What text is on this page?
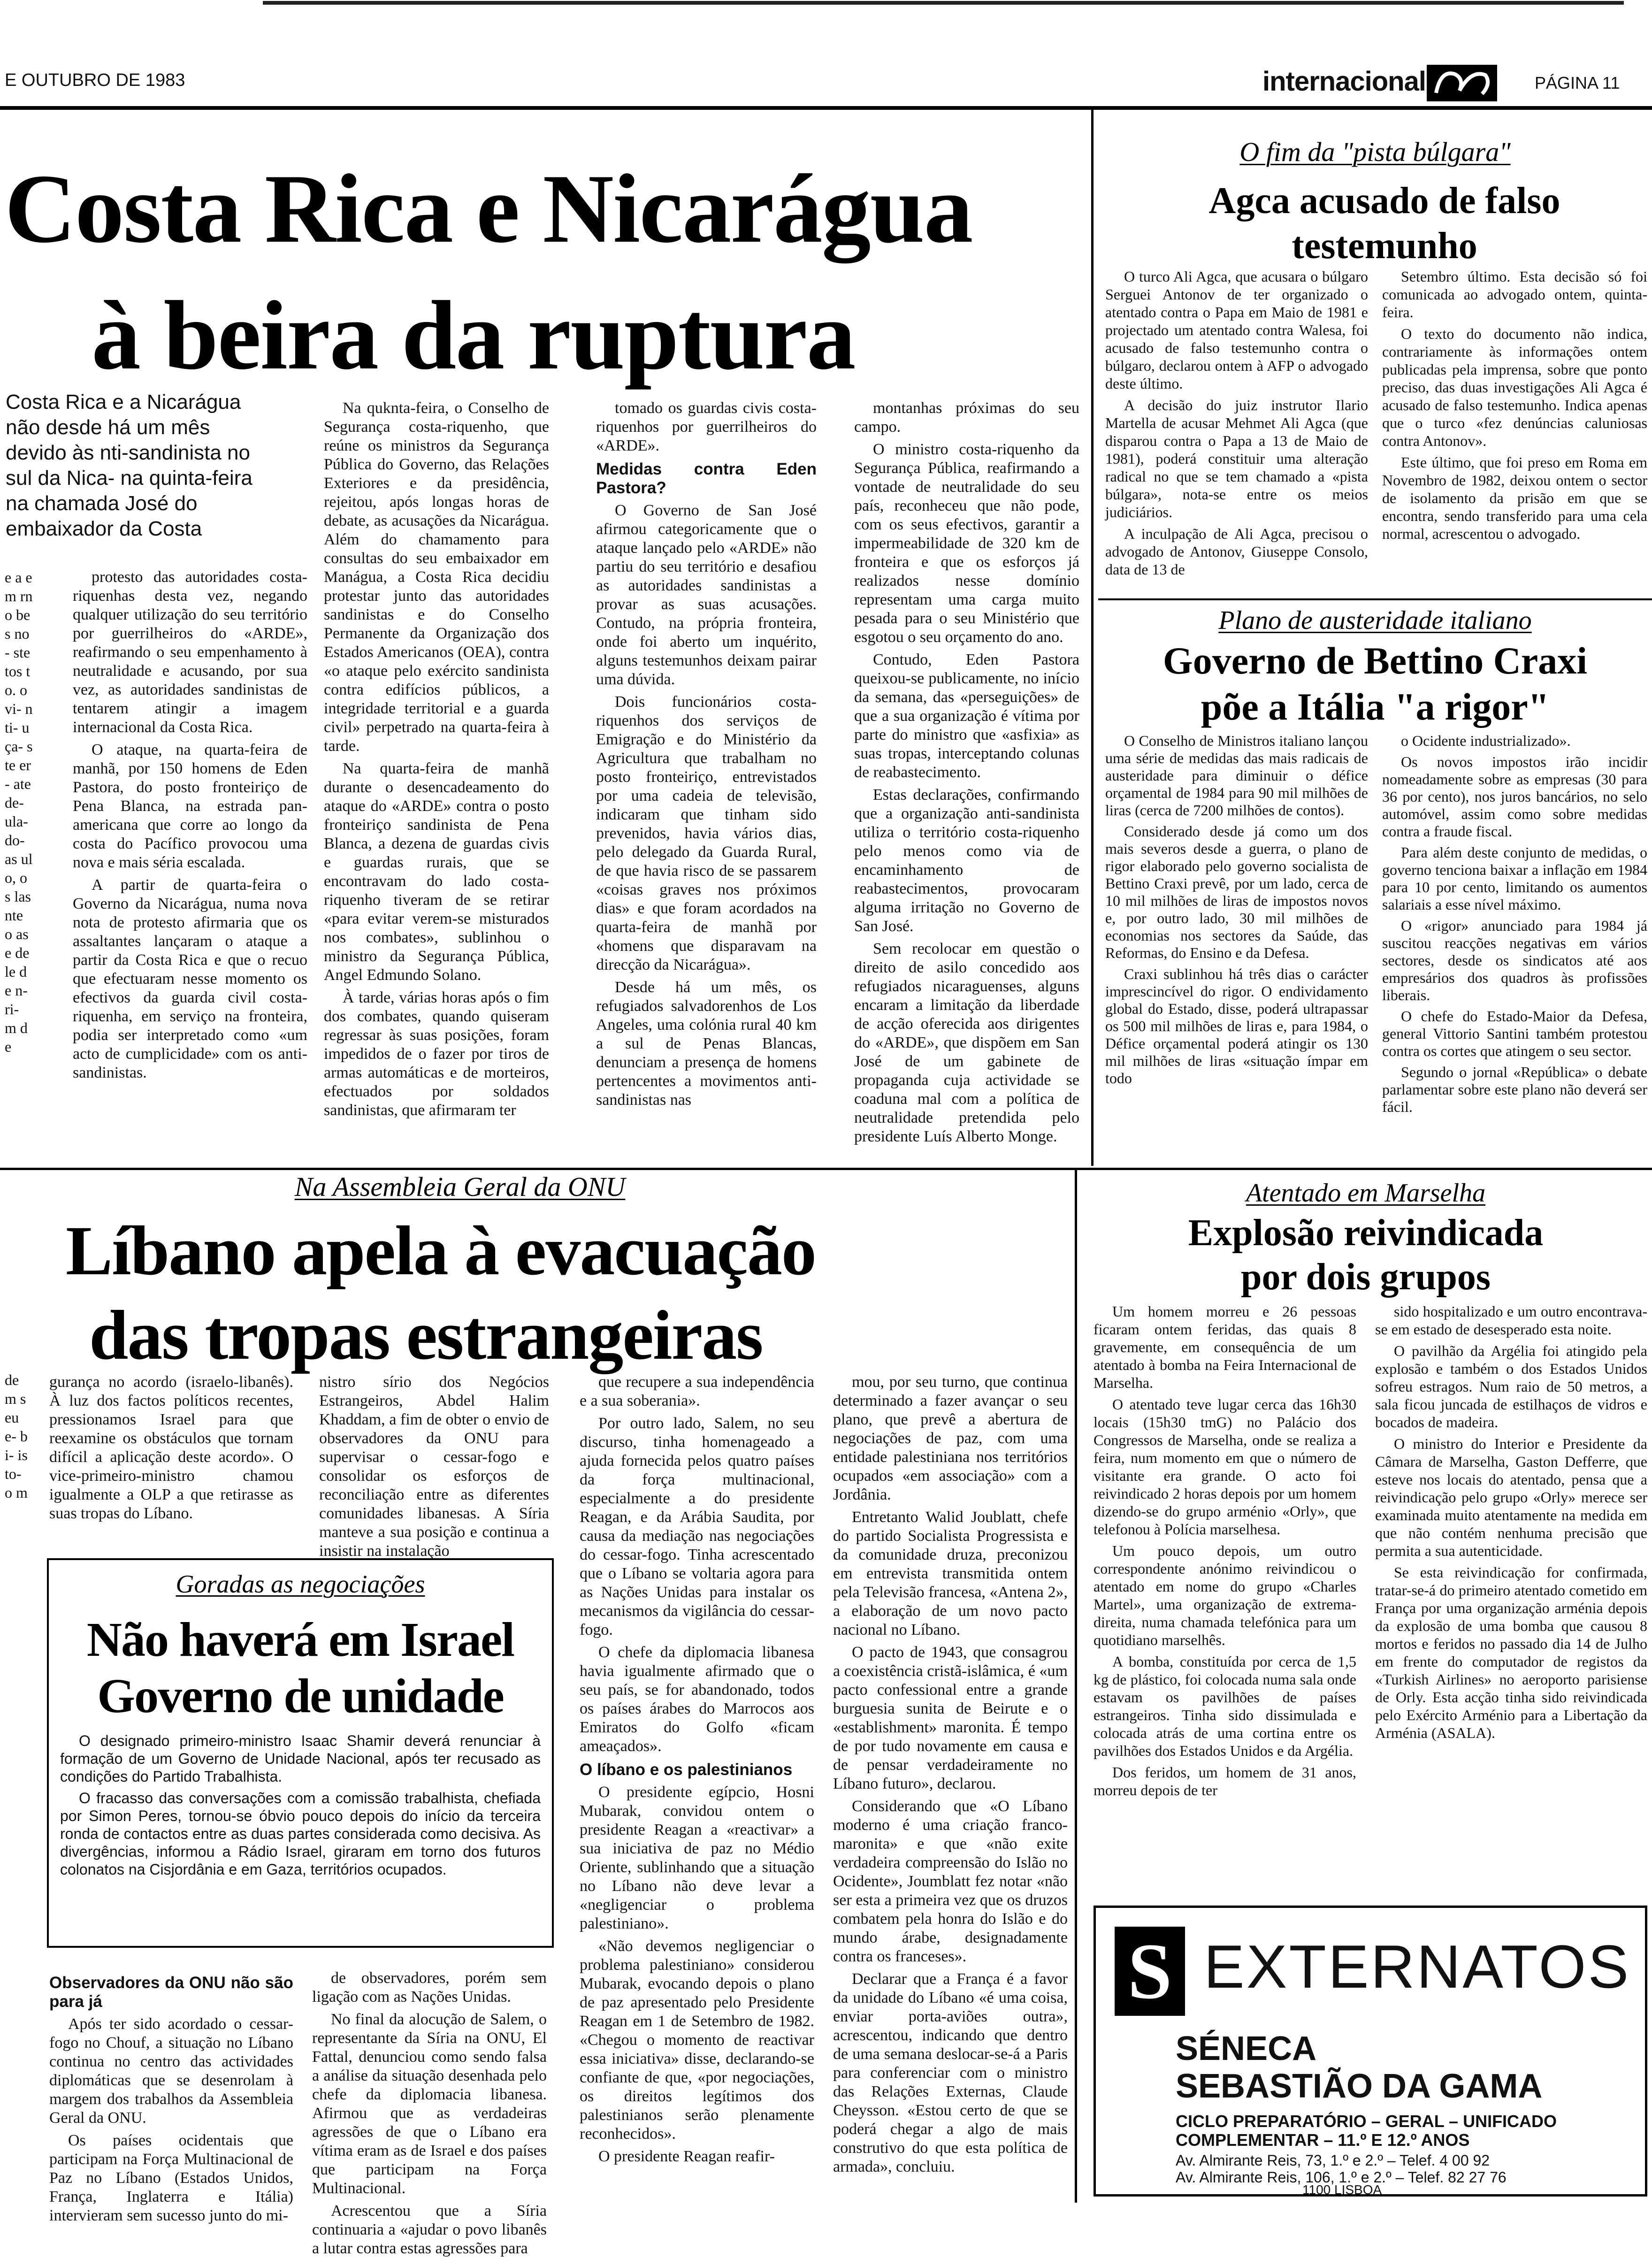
E OUTUBRO DE 1983	internacional	PÁGINA 11
Costa Rica e Nicarágua
à beira da ruptura
Costa Rica e a Nicarágua não desde há um mês devido às nti-sandinista no sul da Nica- na quinta-feira na chamada José do embaixador da Costa
e a em rno bes no- ste tos to. o vi- nti- uça- ste er- ate de- ula- do- as ulo, os las nte o as e de le de n- ri- m de

protesto das autoridades costa-riquenhas desta vez, negando qualquer utilização do seu território por guerrilheiros do «ARDE», reafirmando o seu empenhamento à neutralidade e acusando, por sua vez, as autoridades sandinistas de tentarem atingir a imagem internacional da Costa Rica.

O ataque, na quarta-feira de manhã, por 150 homens de Eden Pastora, do posto fronteiriço de Pena Blanca, na estrada pan-americana que corre ao longo da costa do Pacífico provocou uma nova e mais séria escalada.

A partir de quarta-feira o Governo da Nicarágua, numa nova nota de protesto afirmaria que os assaltantes lançaram o ataque a partir da Costa Rica e que o recuo que efectuaram nesse momento os efectivos da guarda civil costa-riquenha, em serviço na fronteira, podia ser interpretado como «um acto de cumplicidade» com os anti-sandinistas.

Na quknta-feira, o Conselho de Segurança costa-riquenho, que reúne os ministros da Segurança Pública do Governo, das Relações Exteriores e da presidência, rejeitou, após longas horas de debate, as acusações da Nicarágua. Além do chamamento para consultas do seu embaixador em Manágua, a Costa Rica decidiu protestar junto das autoridades sandinistas e do Conselho Permanente da Organização dos Estados Americanos (OEA), contra «o ataque pelo exército sandinista contra edifícios públicos, a integridade territorial e a guarda civil» perpetrado na quarta-feira à tarde.

Na quarta-feira de manhã durante o desencadeamento do ataque do «ARDE» contra o posto fronteiriço sandinista de Pena Blanca, a dezena de guardas civis e guardas rurais, que se encontravam do lado costa-riquenho tiveram de se retirar «para evitar verem-se misturados nos combates», sublinhou o ministro da Segurança Pública, Angel Edmundo Solano.

À tarde, várias horas após o fim dos combates, quando quiseram regressar às suas posições, foram impedidos de o fazer por tiros de armas automáticas e de morteiros, efectuados por soldados sandinistas, que afirmaram ter

tomado os guardas civis costa-riquenhos por guerrilheiros do «ARDE».

Medidas contra Eden Pastora?

O Governo de San José afirmou categoricamente que o ataque lançado pelo «ARDE» não partiu do seu território e desafiou as autoridades sandinistas a provar as suas acusações. Contudo, na própria fronteira, onde foi aberto um inquérito, alguns testemunhos deixam pairar uma dúvida.

Dois funcionários costa-riquenhos dos serviços de Emigração e do Ministério da Agricultura que trabalham no posto fronteiriço, entrevistados por uma cadeia de televisão, indicaram que tinham sido prevenidos, havia vários dias, pelo delegado da Guarda Rural, de que havia risco de se passarem «coisas graves nos próximos dias» e que foram acordados na quarta-feira de manhã por «homens que disparavam na direcção da Nicarágua».

Desde há um mês, os refugiados salvadorenhos de Los Angeles, uma colónia rural 40 km a sul de Penas Blancas, denunciam a presença de homens pertencentes a movimentos anti-sandinistas nas

montanhas próximas do seu campo.

O ministro costa-riquenho da Segurança Pública, reafirmando a vontade de neutralidade do seu país, reconheceu que não pode, com os seus efectivos, garantir a impermeabilidade de 320 km de fronteira e que os esforços já realizados nesse domínio representam uma carga muito pesada para o seu Ministério que esgotou o seu orçamento do ano.

Contudo, Eden Pastora queixou-se publicamente, no início da semana, das «perseguições» de que a sua organização é vítima por parte do ministro que «asfixia» as suas tropas, interceptando colunas de reabastecimento.

Estas declarações, confirmando que a organização anti-sandinista utiliza o território costa-riquenho pelo menos como via de encaminhamento de reabastecimentos, provocaram alguma irritação no Governo de San José.

Sem recolocar em questão o direito de asilo concedido aos refugiados nicaraguenses, alguns encaram a limitação da liberdade de acção oferecida aos dirigentes do «ARDE», que dispõem em San José de um gabinete de propaganda cuja actividade se coaduna mal com a política de neutralidade pretendida pelo presidente Luís Alberto Monge.

O fim da "pista búlgara"
Agca acusado de falso testemunho

O turco Ali Agca, que acusara o búlgaro Serguei Antonov de ter organizado o atentado contra o Papa em Maio de 1981 e projectado um atentado contra Walesa, foi acusado de falso testemunho contra o búlgaro, declarou ontem à AFP o advogado deste último.

A decisão do juiz instrutor Ilario Martella de acusar Mehmet Ali Agca (que disparou contra o Papa a 13 de Maio de 1981), poderá constituir uma alteração radical no que se tem chamado a «pista búlgara», nota-se entre os meios judiciários.

A inculpação de Ali Agca, precisou o advogado de Antonov, Giuseppe Consolo, data de 13 de

Setembro último. Esta decisão só foi comunicada ao advogado ontem, quinta-feira.

O texto do documento não indica, contrariamente às informações ontem publicadas pela imprensa, sobre que ponto preciso, das duas investigações Ali Agca é acusado de falso testemunho. Indica apenas que o turco «fez denúncias caluniosas contra Antonov».

Este último, que foi preso em Roma em Novembro de 1982, deixou ontem o sector de isolamento da prisão em que se encontra, sendo transferido para uma cela normal, acrescentou o advogado.

Plano de austeridade italiano
Governo de Bettino Craxi
põe a Itália "a rigor"

O Conselho de Ministros italiano lançou uma série de medidas das mais radicais de austeridade para diminuir o défice orçamental de 1984 para 90 mil milhões de liras (cerca de 7200 milhões de contos).

Considerado desde já como um dos mais severos desde a guerra, o plano de rigor elaborado pelo governo socialista de Bettino Craxi prevê, por um lado, cerca de 10 mil milhões de liras de impostos novos e, por outro lado, 30 mil milhões de economias nos sectores da Saúde, das Reformas, do Ensino e da Defesa.

Craxi sublinhou há três dias o carácter imprescincível do rigor. O endividamento global do Estado, disse, poderá ultrapassar os 500 mil milhões de liras e, para 1984, o Défice orçamental poderá atingir os 130 mil milhões de liras «situação ímpar em todo

o Ocidente industrializado».

Os novos impostos irão incidir nomeadamente sobre as empresas (30 para 36 por cento), nos juros bancários, no selo automóvel, assim como sobre medidas contra a fraude fiscal.

Para além deste conjunto de medidas, o governo tenciona baixar a inflação em 1984 para 10 por cento, limitando os aumentos salariais a esse nível máximo.

O «rigor» anunciado para 1984 já suscitou reacções negativas em vários sectores, desde os sindicatos até aos empresários dos quadros às profissões liberais.

O chefe do Estado-Maior da Defesa, general Vittorio Santini também protestou contra os cortes que atingem o seu sector.

Segundo o jornal «República» o debate parlamentar sobre este plano não deverá ser fácil.

Na Assembleia Geral da ONU
Líbano apela à evacuação
das tropas estrangeiras
de m s eu e- bi- is to- o m
gurança no acordo (israelo-libanês). À luz dos factos políticos recentes, pressionamos Israel para que reexamine os obstáculos que tornam difícil a aplicação deste acordo». O vice-primeiro-ministro chamou igualmente a OLP a que retirasse as suas tropas do Líbano.
nistro sírio dos Negócios Estrangeiros, Abdel Halim Khaddam, a fim de obter o envio de observadores da ONU para supervisar o cessar-fogo e consolidar os esforços de reconciliação entre as diferentes comunidades libanesas. A Síria manteve a sua posição e continua a insistir na instalação
Goradas as negociações
Não haverá em Israel
Governo de unidade

O designado primeiro-ministro Isaac Shamir deverá renunciar à formação de um Governo de Unidade Nacional, após ter recusado as condições do Partido Trabalhista.

O fracasso das conversações com a comissão trabalhista, chefiada por Simon Peres, tornou-se óbvio pouco depois do início da terceira ronda de contactos entre as duas partes considerada como decisiva. As divergências, informou a Rádio Israel, giraram em torno dos futuros colonatos na Cisjordânia e em Gaza, territórios ocupados.

Observadores da ONU não são para já

Após ter sido acordado o cessar-fogo no Chouf, a situação no Líbano continua no centro das actividades diplomáticas que se desenrolam à margem dos trabalhos da Assembleia Geral da ONU.

Os países ocidentais que participam na Força Multinacional de Paz no Líbano (Estados Unidos, França, Inglaterra e Itália) intervieram sem sucesso junto do mi-

de observadores, porém sem ligação com as Nações Unidas.

No final da alocução de Salem, o representante da Síria na ONU, El Fattal, denunciou como sendo falsa a análise da situação desenhada pelo chefe da diplomacia libanesa. Afirmou que as verdadeiras agressões de que o Líbano era vítima eram as de Israel e dos países que participam na Força Multinacional.

Acrescentou que a Síria continuaria a «ajudar o povo libanês a lutar contra estas agressões para

que recupere a sua independência e a sua soberania».

Por outro lado, Salem, no seu discurso, tinha homenageado a ajuda fornecida pelos quatro países da força multinacional, especialmente a do presidente Reagan, e da Arábia Saudita, por causa da mediação nas negociações do cessar-fogo. Tinha acrescentado que o Líbano se voltaria agora para as Nações Unidas para instalar os mecanismos da vigilância do cessar-fogo.

O chefe da diplomacia libanesa havia igualmente afirmado que o seu país, se for abandonado, todos os países árabes do Marrocos aos Emiratos do Golfo «ficam ameaçados».

O líbano e os palestinianos

O presidente egípcio, Hosni Mubarak, convidou ontem o presidente Reagan a «reactivar» a sua iniciativa de paz no Médio Oriente, sublinhando que a situação no Líbano não deve levar a «negligenciar o problema palestiniano».

«Não devemos negligenciar o problema palestiniano» considerou Mubarak, evocando depois o plano de paz apresentado pelo Presidente Reagan em 1 de Setembro de 1982. «Chegou o momento de reactivar essa iniciativa» disse, declarando-se confiante de que, «por negociações, os direitos legítimos dos palestinianos serão plenamente reconhecidos».

O presidente Reagan reafir-

mou, por seu turno, que continua determinado a fazer avançar o seu plano, que prevê a abertura de negociações de paz, com uma entidade palestiniana nos territórios ocupados «em associação» com a Jordânia.

Entretanto Walid Joublatt, chefe do partido Socialista Progressista e da comunidade druza, preconizou em entrevista transmitida ontem pela Televisão francesa, «Antena 2», a elaboração de um novo pacto nacional no Líbano.

O pacto de 1943, que consagrou a coexistência cristã-islâmica, é «um pacto confessional entre a grande burguesia sunita de Beirute e o «establishment» maronita. É tempo de por tudo novamente em causa e de pensar verdadeiramente no Líbano futuro», declarou.

Considerando que «O Líbano moderno é uma criação franco-maronita» e que «não exite verdadeira compreensão do Islão no Ocidente», Joumblatt fez notar «não ser esta a primeira vez que os druzos combatem pela honra do Islão e do mundo árabe, designadamente contra os franceses».

Declarar que a França é a favor da unidade do Líbano «é uma coisa, enviar porta-aviões outra», acrescentou, indicando que dentro de uma semana deslocar-se-á a Paris para conferenciar com o ministro das Relações Externas, Claude Cheysson. «Estou certo de que se poderá chegar a algo de mais construtivo do que esta política de armada», concluiu.

Atentado em Marselha
Explosão reivindicada
por dois grupos

Um homem morreu e 26 pessoas ficaram ontem feridas, das quais 8 gravemente, em consequência de um atentado à bomba na Feira Internacional de Marselha.

O atentado teve lugar cerca das 16h30 locais (15h30 tmG) no Palácio dos Congressos de Marselha, onde se realiza a feira, num momento em que o número de visitante era grande. O acto foi reivindicado 2 horas depois por um homem dizendo-se do grupo arménio «Orly», que telefonou à Polícia marselhesa.

Um pouco depois, um outro correspondente anónimo reivindicou o atentado em nome do grupo «Charles Martel», uma organização de extrema-direita, numa chamada telefónica para um quotidiano marselhês.

A bomba, constituída por cerca de 1,5 kg de plástico, foi colocada numa sala onde estavam os pavilhões de países estrangeiros. Tinha sido dissimulada e colocada atrás de uma cortina entre os pavilhões dos Estados Unidos e da Argélia.

Dos feridos, um homem de 31 anos, morreu depois de ter

sido hospitalizado e um outro encontrava-se em estado de desesperado esta noite.

O pavilhão da Argélia foi atingido pela explosão e também o dos Estados Unidos sofreu estragos. Num raio de 50 metros, a sala ficou juncada de estilhaços de vidros e bocados de madeira.

O ministro do Interior e Presidente da Câmara de Marselha, Gaston Defferre, que esteve nos locais do atentado, pensa que a reivindicação pelo grupo «Orly» merece ser examinada muito atentamente na medida em que não contém nenhuma precisão que permita a sua autenticidade.

Se esta reivindicação for confirmada, tratar-se-á do primeiro atentado cometido em França por uma organização arménia depois da explosão de uma bomba que causou 8 mortos e feridos no passado dia 14 de Julho em frente do computador de registos da «Turkish Airlines» no aeroporto parisiense de Orly. Esta acção tinha sido reivindicada pelo Exército Arménio para a Libertação da Arménia (ASALA).

S EXTERNATOS
SÉNECA
SEBASTIÃO DA GAMA
CICLO PREPARATÓRIO – GERAL – UNIFICADO
COMPLEMENTAR – 11.º E 12.º ANOS
Av. Almirante Reis, 73, 1.º e 2.º – Telef. 4 00 92
Av. Almirante Reis, 106, 1.º e 2.º – Telef. 82 27 76
1100 LISBOA
